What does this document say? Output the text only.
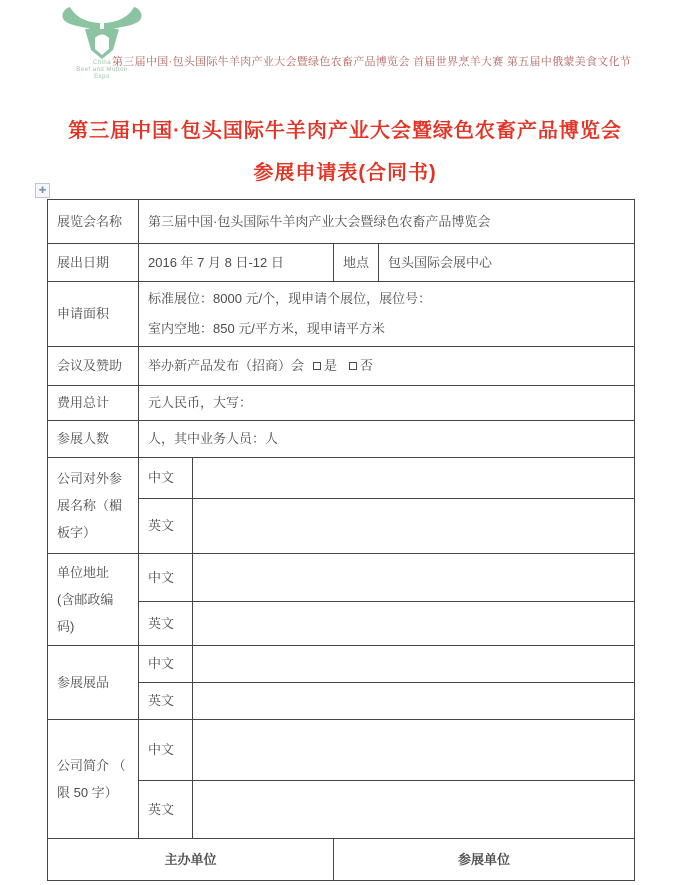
China
Beef and Mutton
Expo
第三届中国·包头国际牛羊肉产业大会暨绿色农畜产品博览会 首届世界烹羊大赛 第五届中俄蒙美食文化节
第三届中国·包头国际牛羊肉产业大会暨绿色农畜产品博览会
参展申请表(合同书)
✚
展览会名称	第三届中国·包头国际牛羊肉产业大会暨绿色农畜产品博览会			
展出日期	2016 年 7 月 8 日-12 日		地点	包头国际会展中心
申请面积	标准展位：8000 元/个，现申请个展位，展位号：
室内空地：850 元/平方米，现申请平方米			

会议及赞助	举办新产品发布（招商）会 是 否			
费用总计	元人民币，大写：			
参展人数	人，其中业务人员：人			
公司对外参展名称（楣板字）	中文			
	英文			
单位地址 (含邮政编码)	中文			
	英文			
参展展品	中文			
	英文			
公司简介 （ 限 50 字）	中文			
	英文			
主办单位			参展单位	
